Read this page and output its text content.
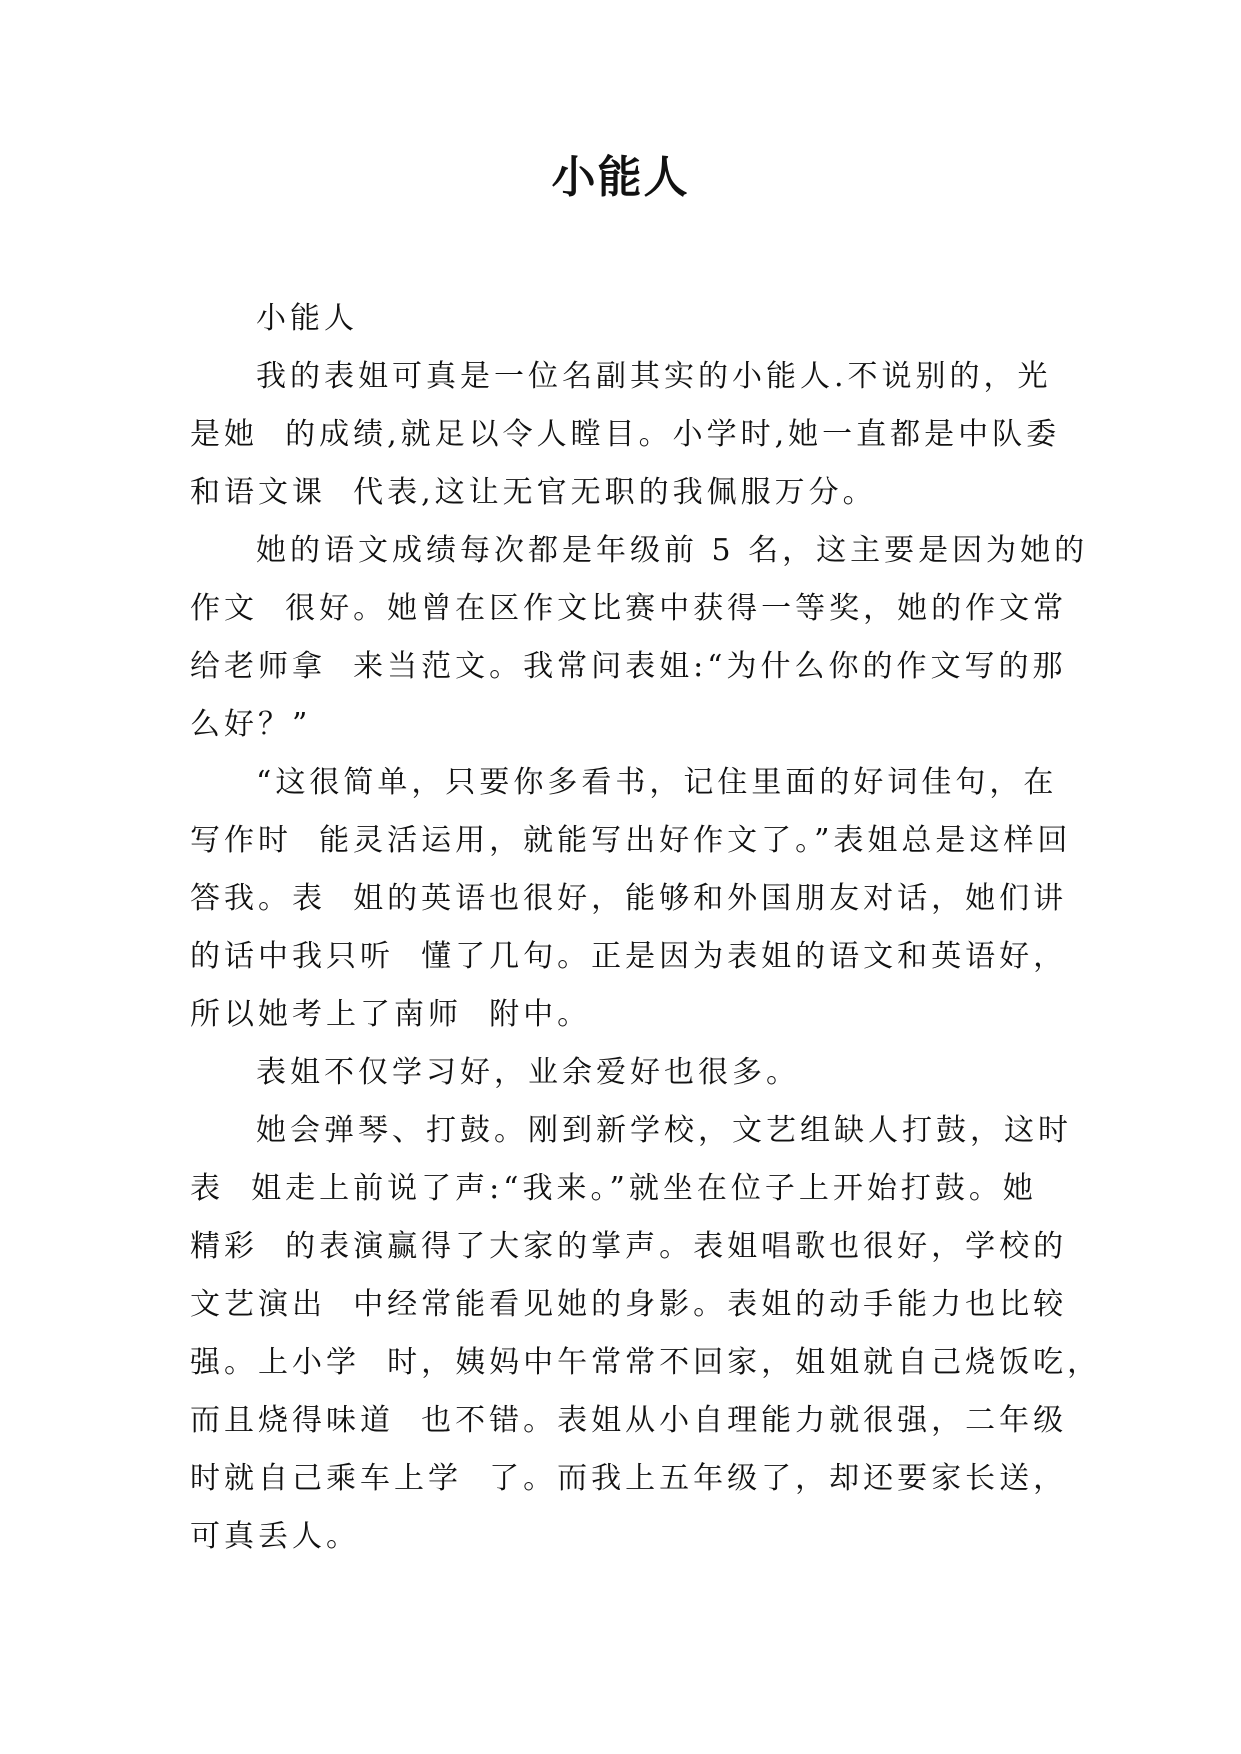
小能人
小能人
我的表姐可真是一位名副其实的小能人.不说别的，光
是她  的成绩,就足以令人瞠目。小学时,她一直都是中队委
和语文课  代表,这让无官无职的我佩服万分。
她的语文成绩每次都是年级前 5 名，这主要是因为她的
作文  很好。她曾在区作文比赛中获得一等奖，她的作文常
给老师拿  来当范文。我常问表姐:“为什么你的作文写的那
么好？”
“这很简单，只要你多看书，记住里面的好词佳句，在
写作时  能灵活运用，就能写出好作文了。”表姐总是这样回
答我。表  姐的英语也很好，能够和外国朋友对话，她们讲
的话中我只听  懂了几句。正是因为表姐的语文和英语好，
所以她考上了南师  附中。
表姐不仅学习好，业余爱好也很多。
她会弹琴、打鼓。刚到新学校，文艺组缺人打鼓，这时
表  姐走上前说了声:“我来。”就坐在位子上开始打鼓。她
精彩  的表演赢得了大家的掌声。表姐唱歌也很好，学校的
文艺演出  中经常能看见她的身影。表姐的动手能力也比较
强。上小学  时，姨妈中午常常不回家，姐姐就自己烧饭吃，
而且烧得味道  也不错。表姐从小自理能力就很强，二年级
时就自己乘车上学  了。而我上五年级了，却还要家长送，
可真丢人。
